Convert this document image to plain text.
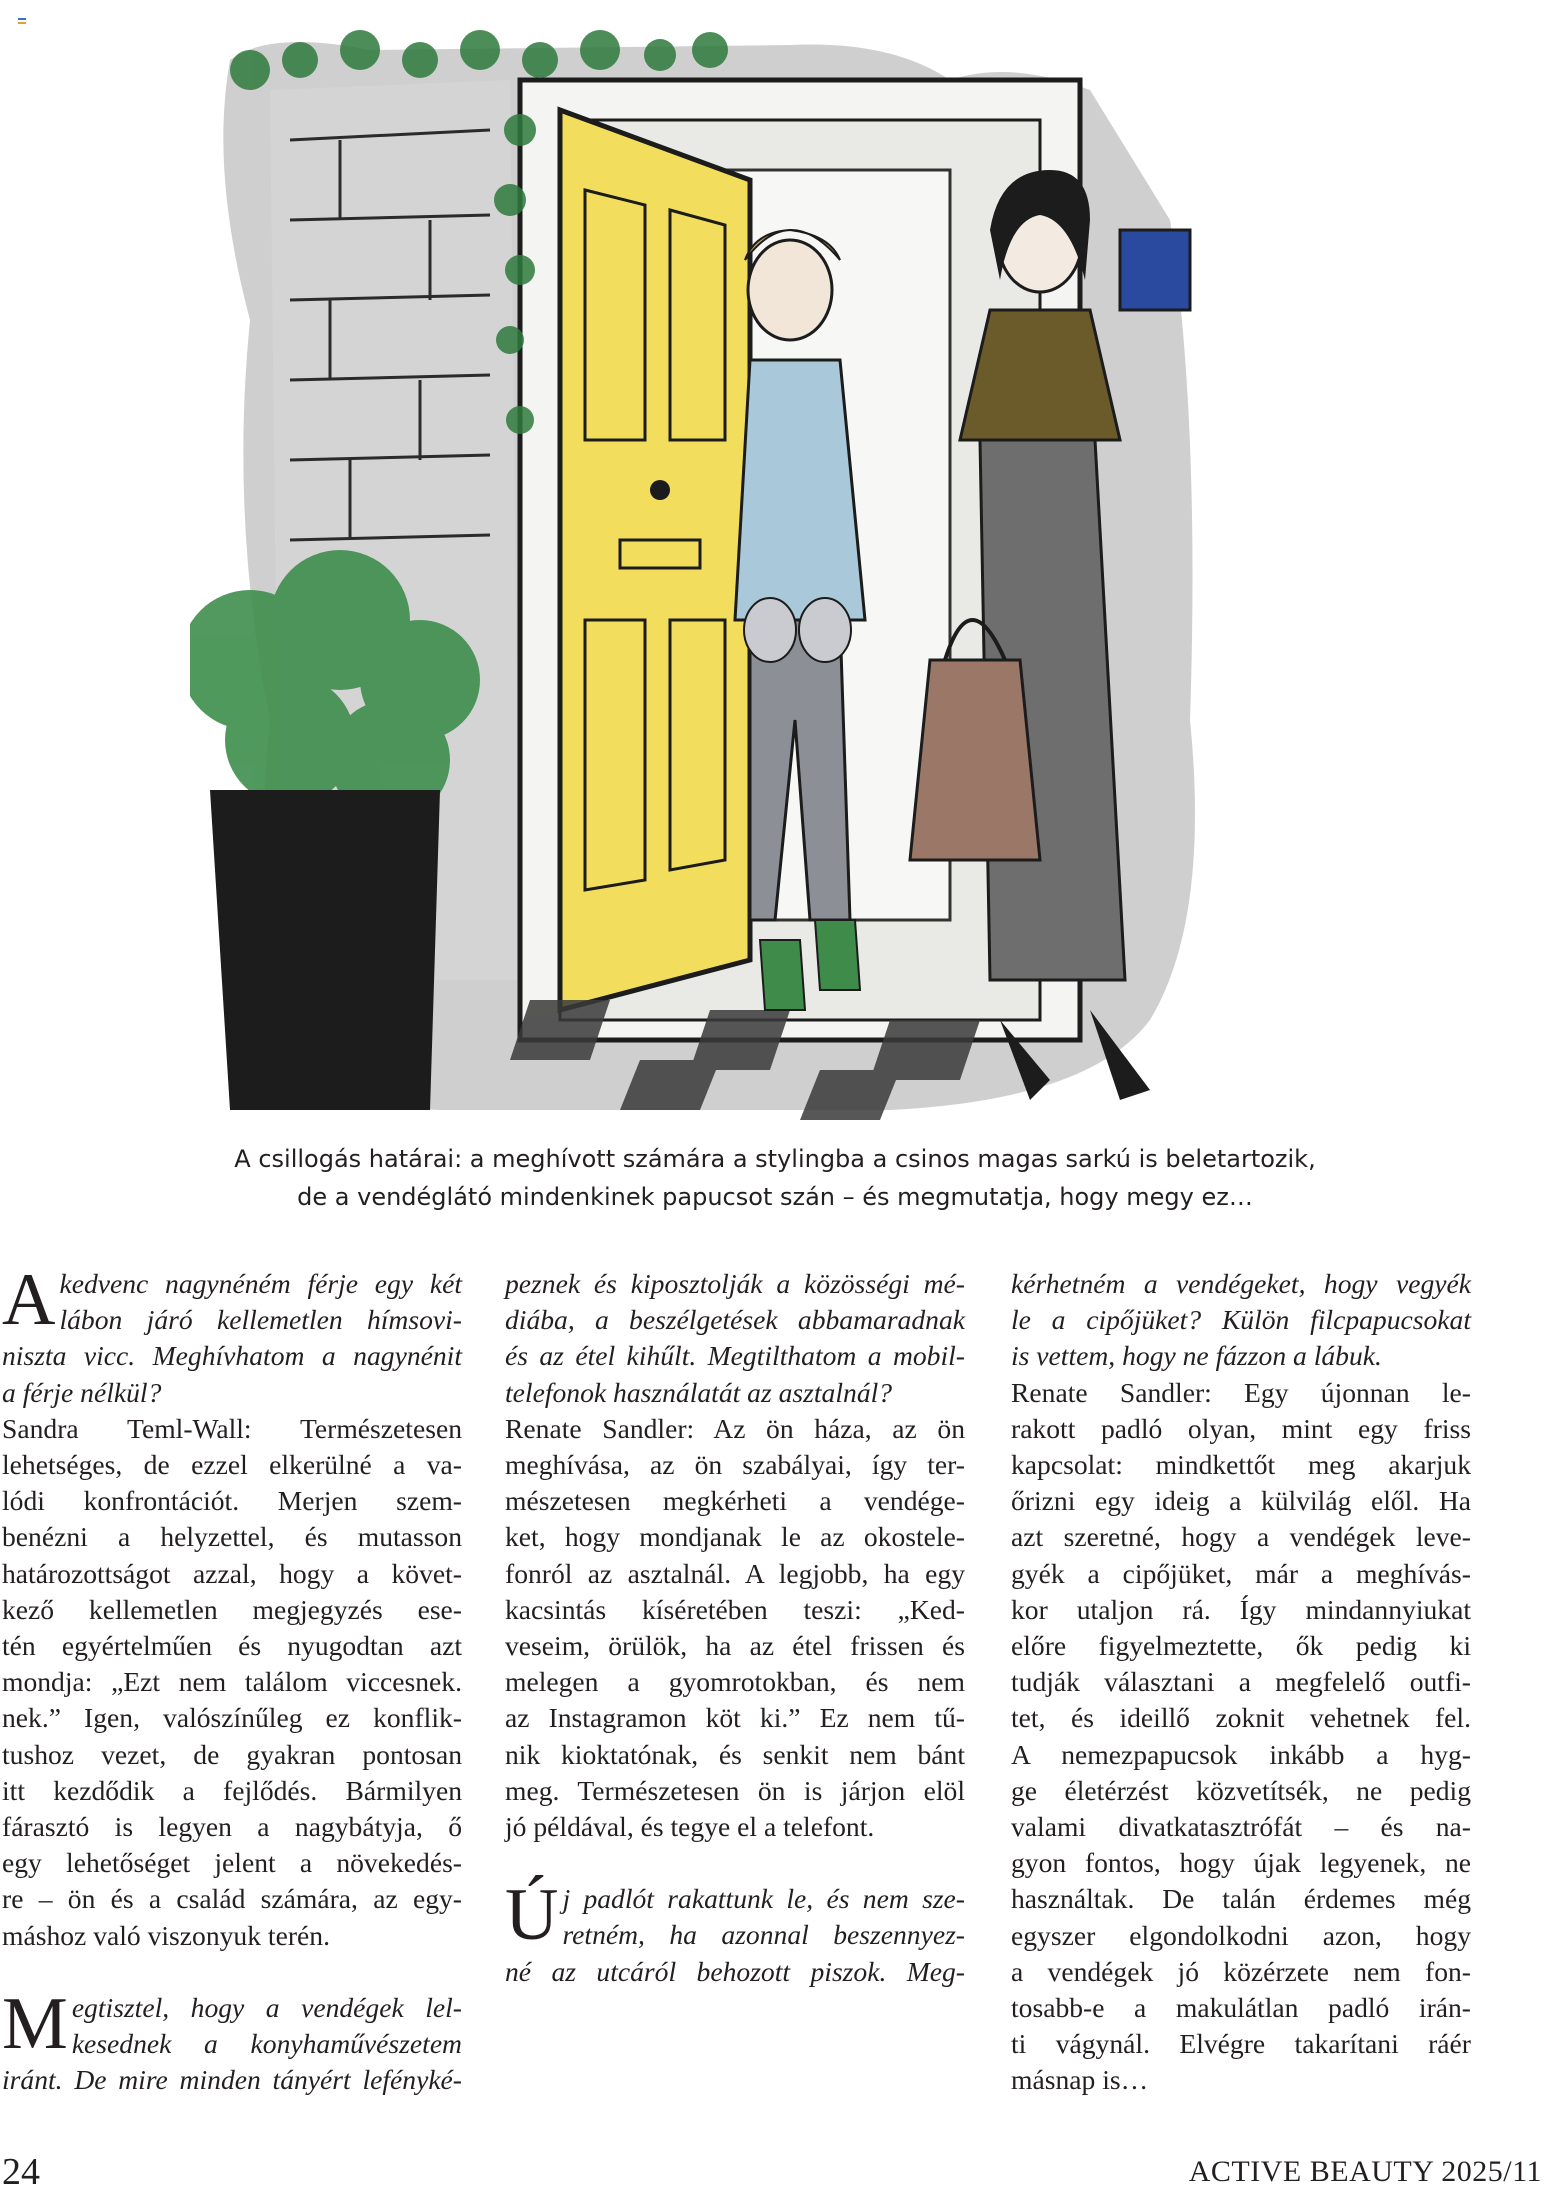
A csillogás határai: a meghívott számára a stylingba a csinos magas sarkú is beletartozik,
de a vendéglátó mindenkinek papucsot szán – és megmutatja, hogy megy ez…
A kedvenc nagynéném férje egy két
lábon járó kellemetlen hímsovi-
niszta vicc. Meghívhatom a nagynénit
a férje nélkül?
Sandra Teml-Wall: Természetesen
lehetséges, de ezzel elkerülné a va-
lódi konfrontációt. Merjen szem-
benézni a helyzettel, és mutasson
határozottságot azzal, hogy a követ-
kező kellemetlen megjegyzés ese-
tén egyértelműen és nyugodtan azt
mondja: „Ezt nem találom viccesnek.
nek.” Igen, valószínűleg ez konflik-
tushoz vezet, de gyakran pontosan
itt kezdődik a fejlődés. Bármilyen
fárasztó is legyen a nagybátyja, ő
egy lehetőséget jelent a növekedés-
re – ön és a család számára, az egy-
máshoz való viszonyuk terén.
M egtisztel, hogy a vendégek lel-
kesednek a konyhaművészetem
iránt. De mire minden tányért lefényké-
peznek és kiposztolják a közösségi mé-
diába, a beszélgetések abbamaradnak
és az étel kihűlt. Megtilthatom a mobil-
telefonok használatát az asztalnál?
Renate Sandler: Az ön háza, az ön
meghívása, az ön szabályai, így ter-
mészetesen megkérheti a vendége-
ket, hogy mondjanak le az okostele-
fonról az asztalnál. A legjobb, ha egy
kacsintás kíséretében teszi: „Ked-
veseim, örülök, ha az étel frissen és
melegen a gyomrotokban, és nem
az Instagramon köt ki.” Ez nem tű-
nik kioktatónak, és senkit nem bánt
meg. Természetesen ön is járjon elöl
jó példával, és tegye el a telefont.
Ú j padlót rakattunk le, és nem sze-
retném, ha azonnal beszennyez-
né az utcáról behozott piszok. Meg-
kérhetném a vendégeket, hogy vegyék
le a cipőjüket? Külön filcpapucsokat
is vettem, hogy ne fázzon a lábuk.
Renate Sandler: Egy újonnan le-
rakott padló olyan, mint egy friss
kapcsolat: mindkettőt meg akarjuk
őrizni egy ideig a külvilág elől. Ha
azt szeretné, hogy a vendégek leve-
gyék a cipőjüket, már a meghívás-
kor utaljon rá. Így mindannyiukat
előre figyelmeztette, ők pedig ki
tudják választani a megfelelő outfi-
tet, és ideillő zoknit vehetnek fel.
A nemezpapucsok inkább a hyg-
ge életérzést közvetítsék, ne pedig
valami divatkatasztrófát – és na-
gyon fontos, hogy újak legyenek, ne
használtak. De talán érdemes még
egyszer elgondolkodni azon, hogy
a vendégek jó közérzete nem fon-
tosabb-e a makulátlan padló irán-
ti vágynál. Elvégre takarítani ráér
másnap is…
24	ACTIVE BEAUTY 2025/11
